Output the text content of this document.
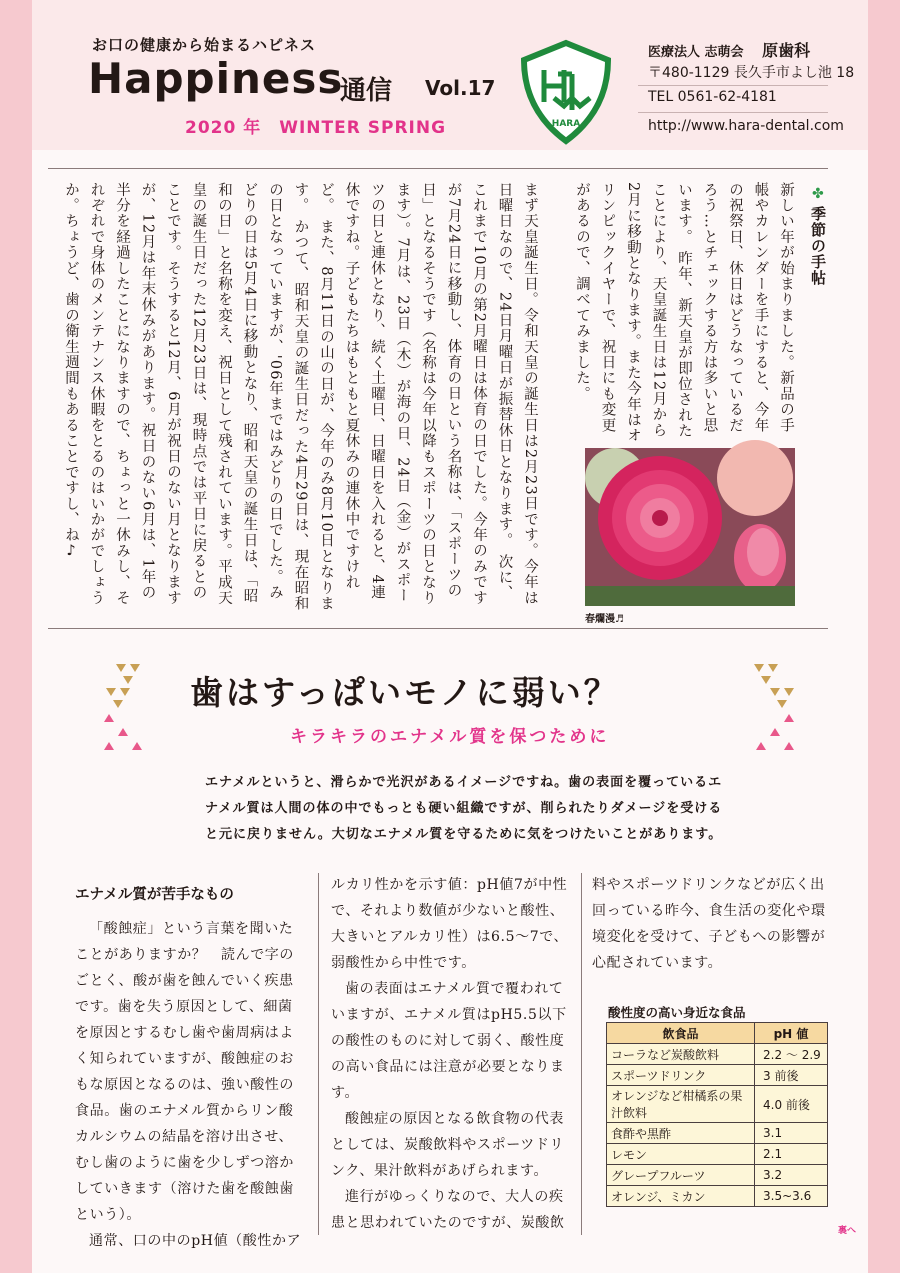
お口の健康から始まるハピネス
Happiness
通信 Vol.17
2020 年　WINTER SPRING	HARA
医療法人 志萌会 原歯科
〒480-1129 長久手市よし池 18
TEL 0561-62-4181
http://www.hara-dental.com
✤
季節の手帖
新しい年が始まりました。新品の手帳やカレンダーを手にすると、今年の祝祭日、休日はどうなっているだろう…とチェックする方は多いと思います。 昨年、新天皇が即位されたことにより、天皇誕生日は12月から2月に移動となります。また今年はオリンピックイヤーで、祝日にも変更があるので、調べてみました。
まず天皇誕生日。令和天皇の誕生日は2月23日です。今年は日曜日なので、24日月曜日が振替休日となります。 次に、これまで10月の第2月曜日は体育の日でした。今年のみですが7月24日に移動し、体育の日という名称は、「スポーツの日」となるそうです（名称は今年以降もスポーツの日となります）。7月は、23日（木）が海の日、24日（金）がスポーツの日と連休となり、続く土曜日、日曜日を入れると、4連休ですね。子どもたちはもともと夏休みの連休中ですけれど。 また、8月11日の山の日が、今年のみ8月10日となります。 かつて、昭和天皇の誕生日だった4月29日は、現在昭和の日となっていますが、'06年まではみどりの日でした。みどりの日は5月4日に移動となり、昭和天皇の誕生日は、「昭和の日」と名称を変え、祝日として残されています。平成天皇の誕生日だった12月23日は、現時点では平日に戻るとのことです。そうすると12月、6月が祝日のない月となりますが、12月は年末休みがあります。祝日のない6月は、1年の半分を経過したことになりますので、ちょっと一休みし、それぞれで身体のメンテナンス休暇をとるのはいかがでしょうか。ちょうど、歯の衛生週間もあることですし、ね♪
春爛漫♬
歯はすっぱいモノに弱い？
キラキラのエナメル質を保つために
エナメルというと、滑らかで光沢があるイメージですね。歯の表面を覆っているエナメル質は人間の体の中でもっとも硬い組織ですが、削られたりダメージを受けると元に戻りません。大切なエナメル質を守るために気をつけたいことがあります。
エナメル質が苦手なもの

「酸蝕症」という言葉を聞いたことがありますか？　読んで字のごとく、酸が歯を蝕んでいく疾患です。歯を失う原因として、細菌を原因とするむし歯や歯周病はよく知られていますが、酸蝕症のおもな原因となるのは、強い酸性の食品。歯のエナメル質からリン酸カルシウムの結晶を溶け出させ、むし歯のように歯を少しずつ溶かしていきます（溶けた歯を酸蝕歯という）。

通常、口の中のpH値（酸性かア

ルカリ性かを示す値：pH値7が中性で、それより数値が少ないと酸性、大きいとアルカリ性）は6.5～7で、弱酸性から中性です。

歯の表面はエナメル質で覆われていますが、エナメル質はpH5.5以下の酸性のものに対して弱く、酸性度の高い食品には注意が必要となります。

酸蝕症の原因となる飲食物の代表としては、炭酸飲料やスポーツドリンク、果汁飲料があげられます。

進行がゆっくりなので、大人の疾患と思われていたのですが、炭酸飲

料やスポーツドリンクなどが広く出回っている昨今、食生活の変化や環境変化を受けて、子どもへの影響が心配されています。

酸性度の高い身近な食品
飲食品	pH 値
コーラなど炭酸飲料	2.2 ～ 2.9
スポーツドリンク	3 前後
オレンジなど柑橘系の果汁飲料	4.0 前後
食酢や黒酢	3.1
レモン	2.1
グレープフルーツ	3.2
オレンジ、ミカン	3.5~3.6
裏へ
